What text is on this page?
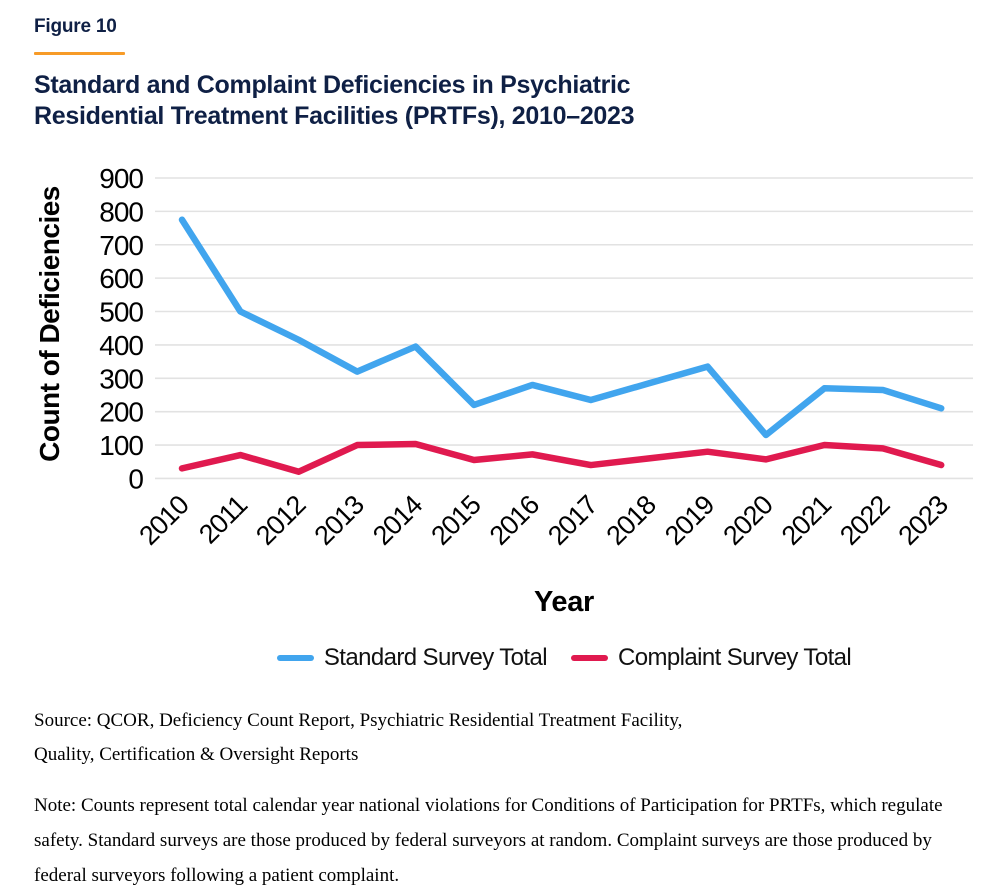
Figure 10
Standard and Complaint Deficiencies in Psychiatric Residential Treatment Facilities (PRTFs), 2010–2023
0
100
200
300
400
500
600
700
800
900
2010
2011
2012
2013
2014
2015
2016
2017
2018
2019
2020
2021
2022
2023
Count of Deficiencies
Year
Standard Survey Total	Complaint Survey Total

Source: QCOR, Deficiency Count Report, Psychiatric Residential Treatment Facility,
Quality, Certification & Oversight Reports

Note: Counts represent total calendar year national violations for Conditions of Participation for PRTFs, which regulate safety. Standard surveys are those produced by federal surveyors at random. Complaint surveys are those produced by federal surveyors following a patient complaint.
